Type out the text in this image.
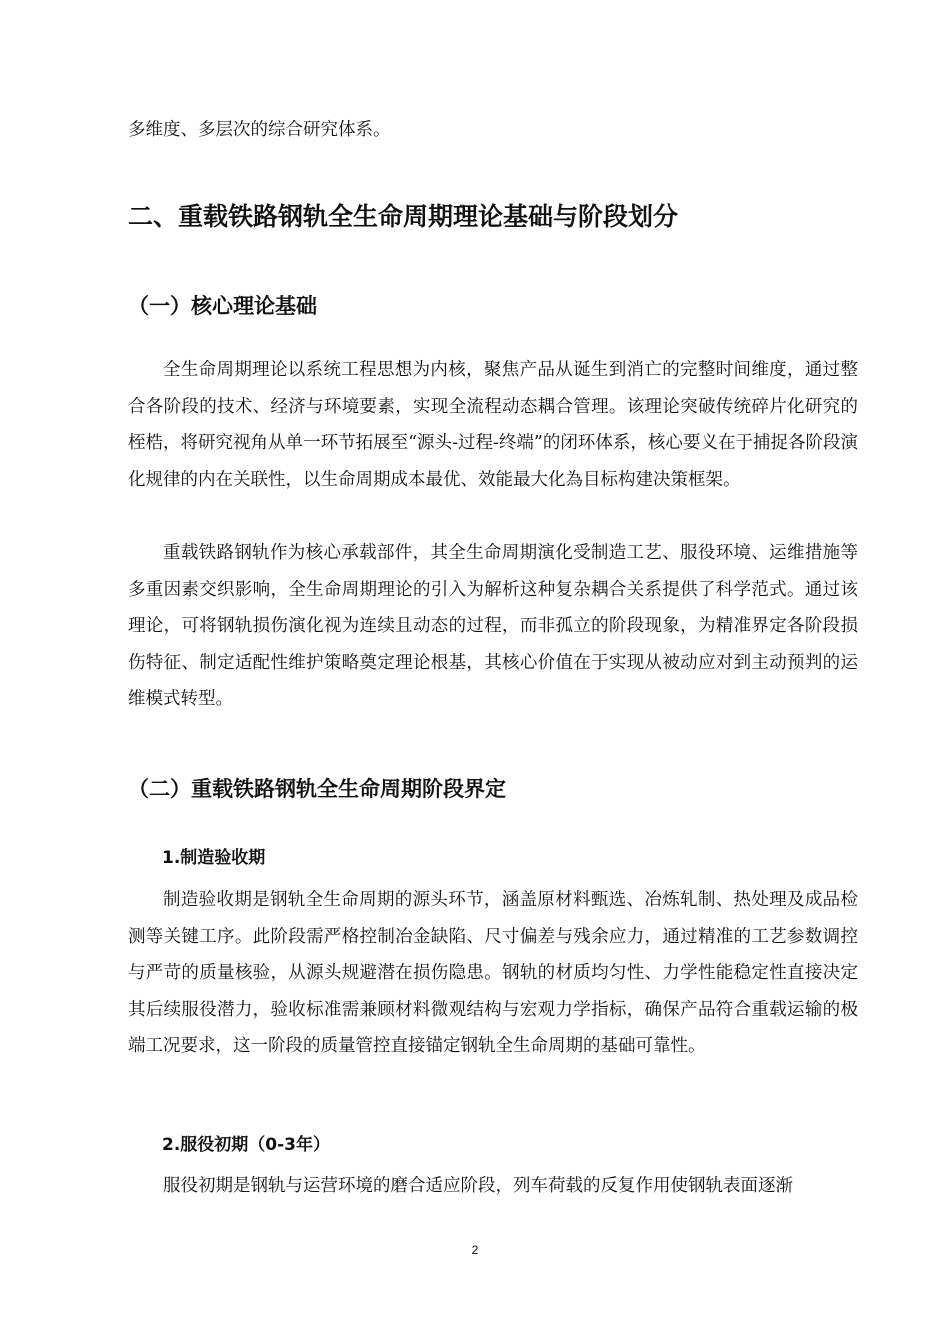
多维度、多层次的综合研究体系。

二、重载铁路钢轨全生命周期理论基础与阶段划分
（一）核心理论基础

全生命周期理论以系统工程思想为内核，聚焦产品从诞生到消亡的完整时间维度，通过整合各阶段的技术、经济与环境要素，实现全流程动态耦合管理。该理论突破传统碎片化研究的桎梏，将研究视角从单一环节拓展至“源头-过程-终端”的闭环体系，核心要义在于捕捉各阶段演化规律的内在关联性，以生命周期成本最优、效能最大化為目标构建决策框架。

重载铁路钢轨作为核心承载部件，其全生命周期演化受制造工艺、服役环境、运维措施等多重因素交织影响，全生命周期理论的引入为解析这种复杂耦合关系提供了科学范式。通过该理论，可将钢轨损伤演化视为连续且动态的过程，而非孤立的阶段现象，为精准界定各阶段损伤特征、制定适配性维护策略奠定理论根基，其核心价值在于实现从被动应对到主动预判的运维模式转型。

（二）重载铁路钢轨全生命周期阶段界定
1.制造验收期

制造验收期是钢轨全生命周期的源头环节，涵盖原材料甄选、冶炼轧制、热处理及成品检测等关键工序。此阶段需严格控制冶金缺陷、尺寸偏差与残余应力，通过精准的工艺参数调控与严苛的质量核验，从源头规避潜在损伤隐患。钢轨的材质均匀性、力学性能稳定性直接决定其后续服役潜力，验收标准需兼顾材料微观结构与宏观力学指标，确保产品符合重载运输的极端工况要求，这一阶段的质量管控直接锚定钢轨全生命周期的基础可靠性。

2.服役初期（0-3年）

服役初期是钢轨与运营环境的磨合适应阶段，列车荷载的反复作用使钢轨表面逐渐

2
